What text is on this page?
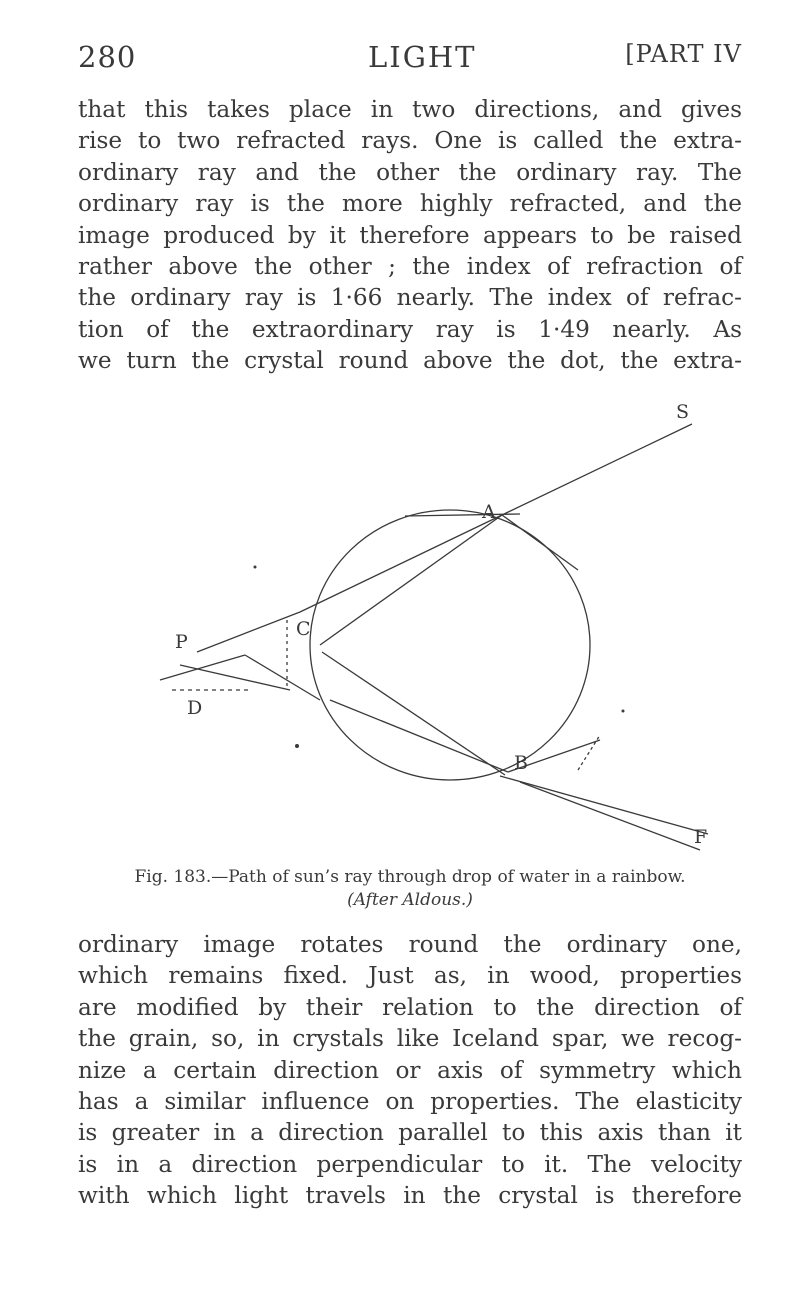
280	LIGHT	[PART IV
that this takes place in two directions, and gives
rise to two refracted rays. One is called the extra-
ordinary ray and the other the ordinary ray. The
ordinary ray is the more highly refracted, and the
image produced by it therefore appears to be raised
rather above the other ; the index of refraction of
the ordinary ray is 1·66 nearly. The index of refrac-
tion of the extraordinary ray is 1·49 nearly. As
we turn the crystal round above the dot, the extra-
S
A
P
C
D
B
F
Fig. 183.—Path of sun’s ray through drop of water in a rainbow.
(After Aldous.)
ordinary image rotates round the ordinary one,
which remains fixed. Just as, in wood, properties
are modified by their relation to the direction of
the grain, so, in crystals like Iceland spar, we recog-
nize a certain direction or axis of symmetry which
has a similar influence on properties. The elasticity
is greater in a direction parallel to this axis than it
is in a direction perpendicular to it. The velocity
with which light travels in the crystal is therefore
